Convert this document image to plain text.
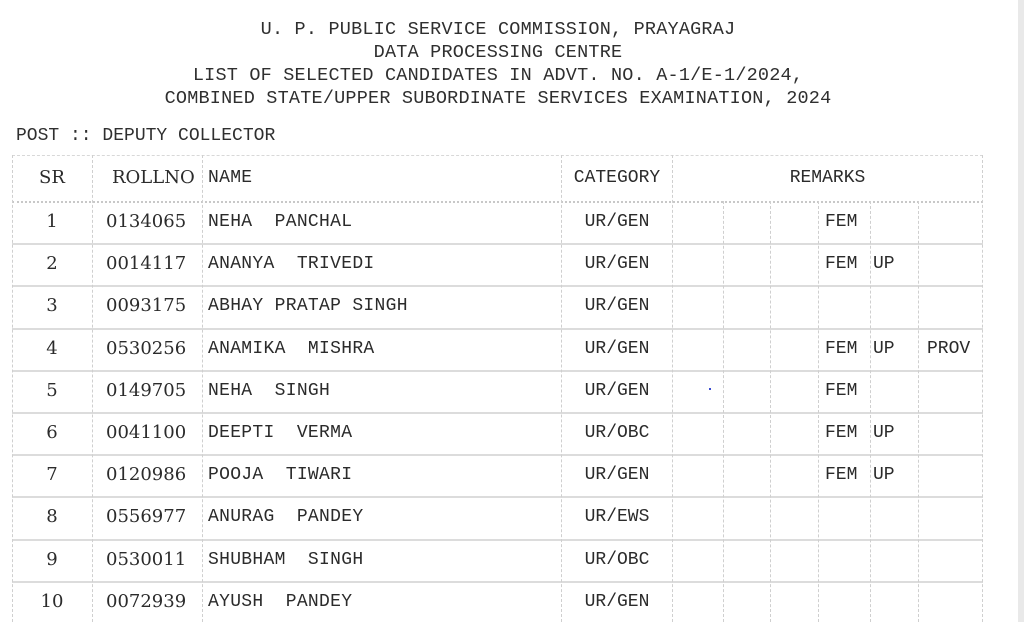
U. P. PUBLIC SERVICE COMMISSION, PRAYAGRAJ
DATA PROCESSING CENTRE
LIST OF SELECTED CANDIDATES IN ADVT. NO. A-1/E-1/2024,
COMBINED STATE/UPPER SUBORDINATE SERVICES EXAMINATION, 2024
POST :: DEPUTY COLLECTOR
SR	ROLLNO NAME	CATEGORY	REMARKS
1	0134065 NEHA  PANCHAL	UR/GEN	FEM
2	0014117 ANANYA  TRIVEDI	UR/GEN	FEM UP
3	0093175 ABHAY PRATAP SINGH	UR/GEN
4	0530256 ANAMIKA  MISHRA	UR/GEN	FEM UP PROV
5	0149705 NEHA  SINGH	UR/GEN	FEM
6	0041100 DEEPTI  VERMA	UR/OBC	FEM UP
7	0120986 POOJA  TIWARI	UR/GEN	FEM UP
8	0556977 ANURAG  PANDEY	UR/EWS
9	0530011 SHUBHAM  SINGH	UR/OBC
10	0072939 AYUSH  PANDEY	UR/GEN
